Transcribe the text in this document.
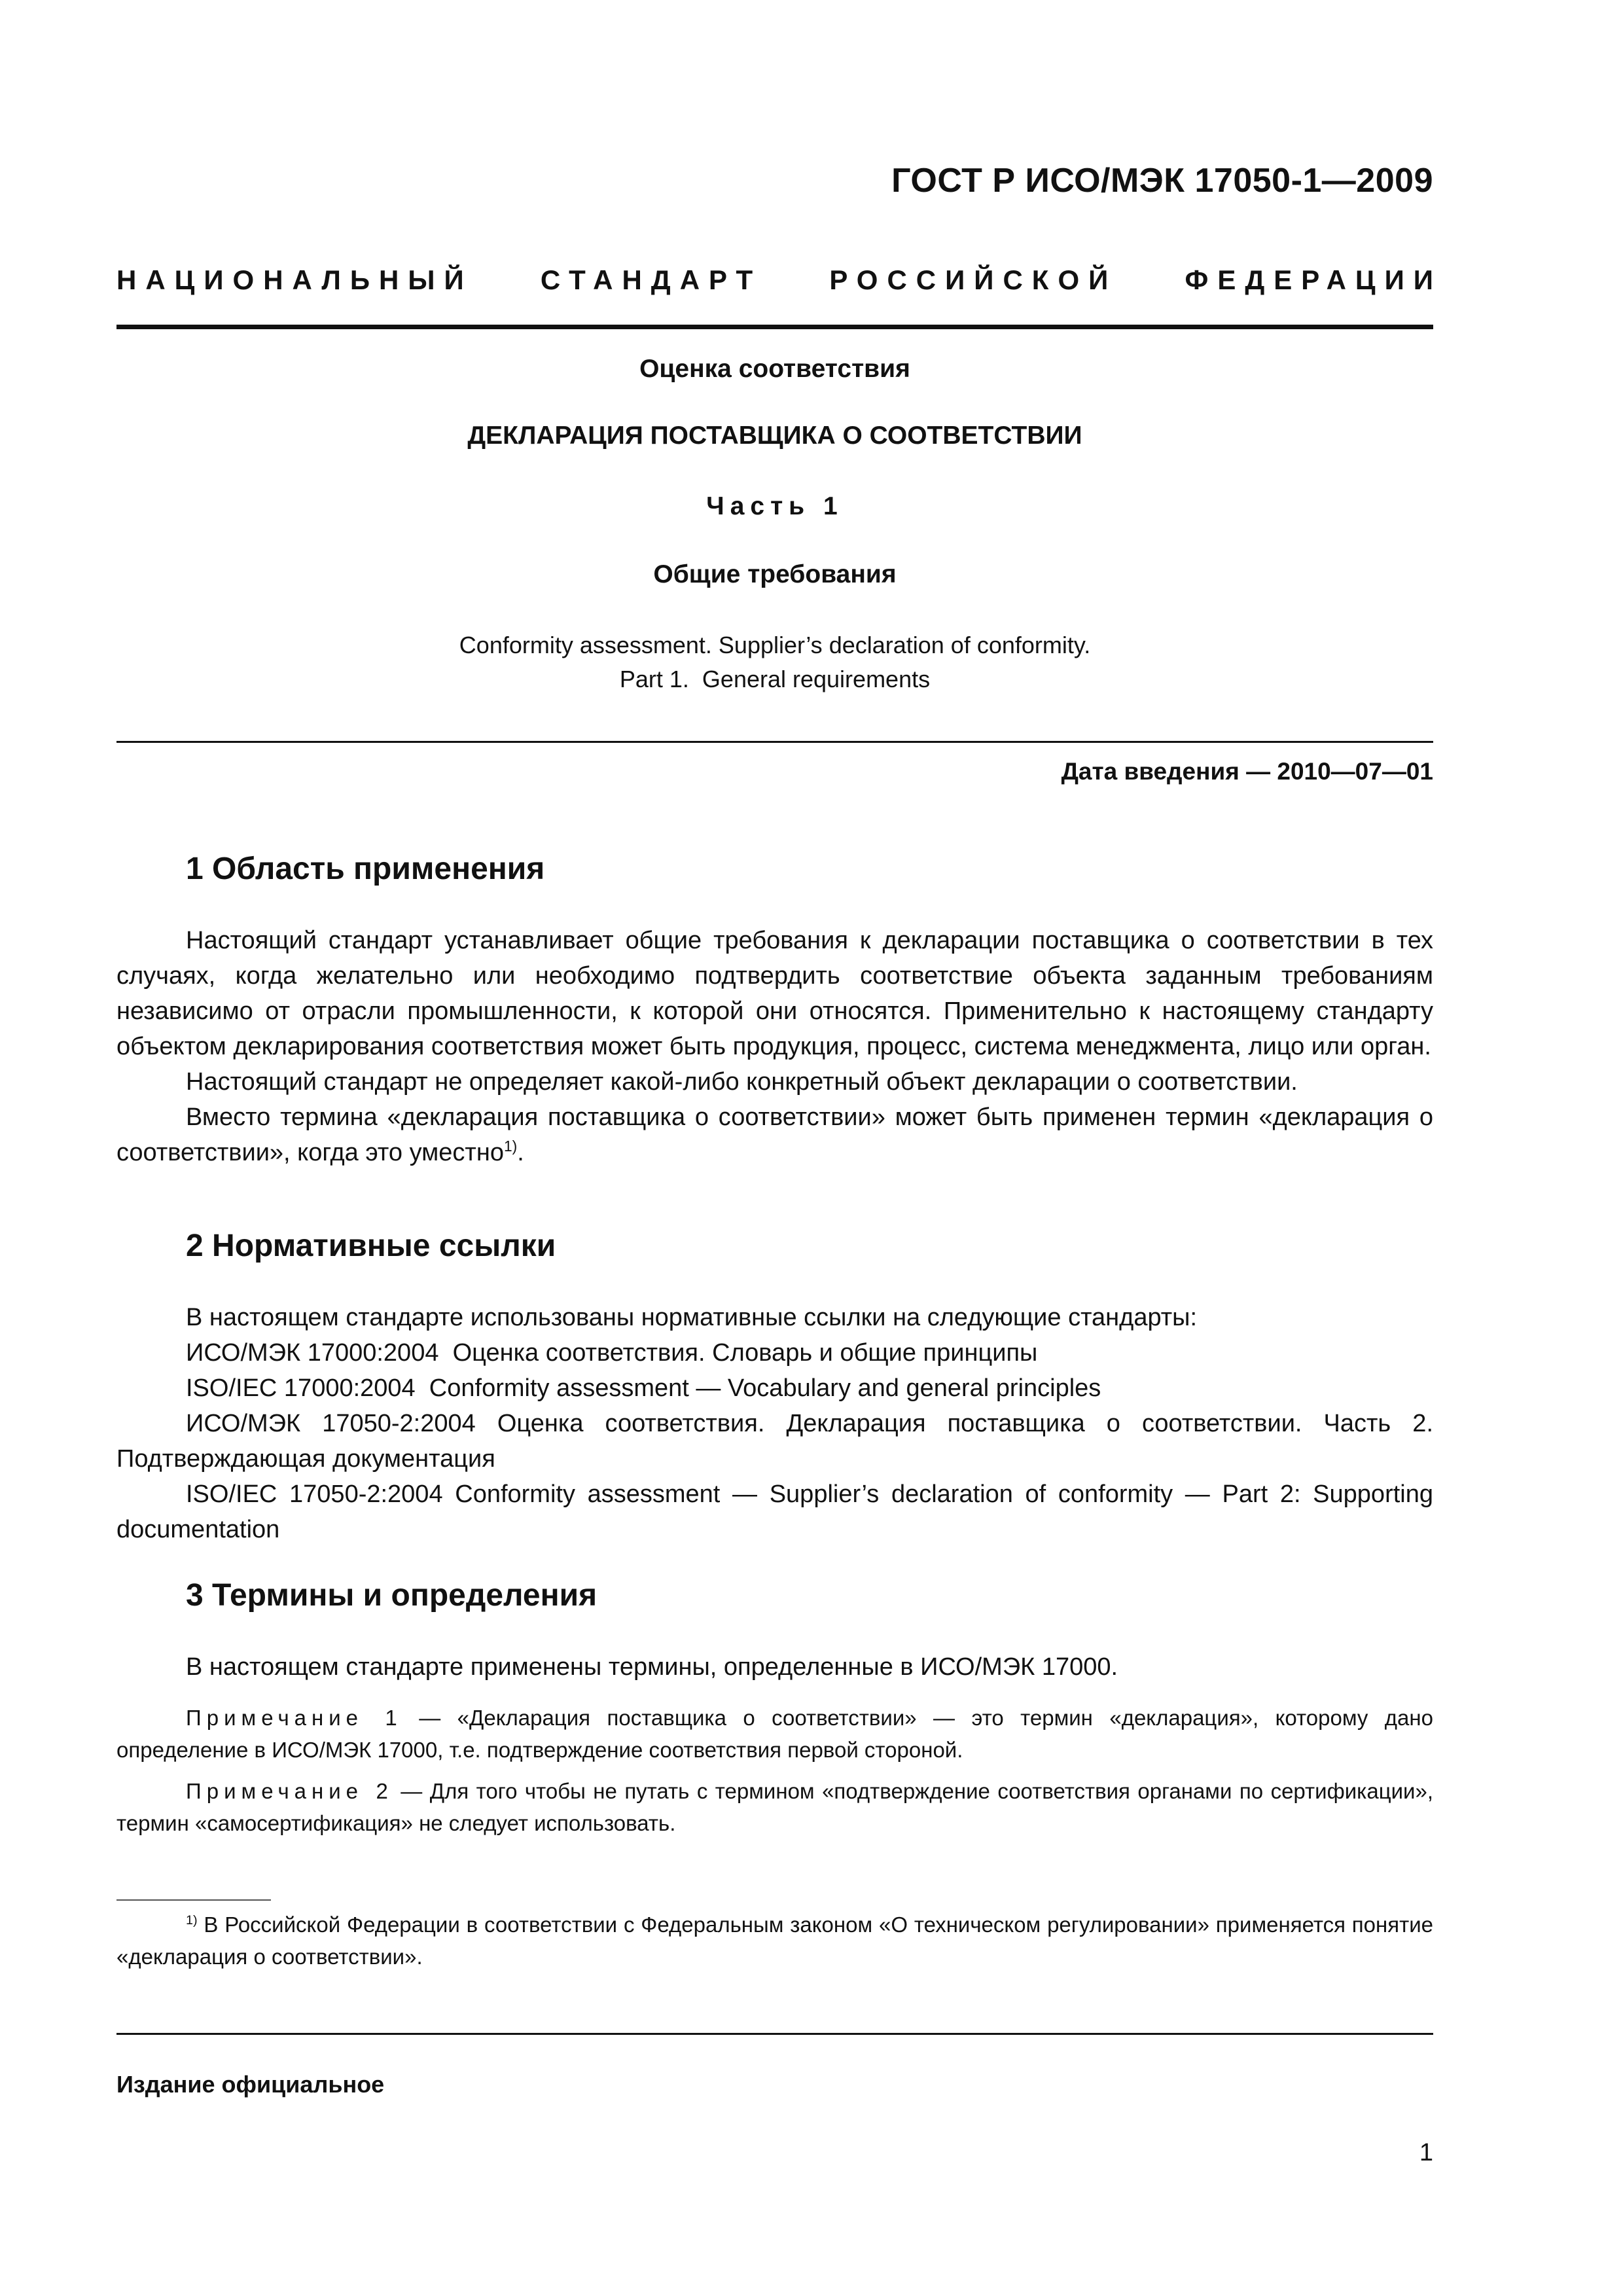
ГОСТ Р ИСО/МЭК 17050-1—2009
НАЦИОНАЛЬНЫЙ СТАНДАРТ РОССИЙСКОЙ ФЕДЕРАЦИИ
Оценка соответствия
ДЕКЛАРАЦИЯ ПОСТАВЩИКА О СООТВЕТСТВИИ
Часть 1
Общие требования
Conformity assessment. Supplier’s declaration of conformity.
Part 1.  General requirements
Дата введения — 2010—07—01
1 Область применения

Настоящий стандарт устанавливает общие требования к декларации поставщика о соответствии в тех случаях, когда желательно или необходимо подтвердить соответствие объекта заданным требованиям независимо от отрасли промышленности, к которой они относятся. Применительно к настоящему стандарту объектом декларирования соответствия может быть продукция, процесс, система менеджмента, лицо или орган.

Настоящий стандарт не определяет какой-либо конкретный объект декларации о соответствии.

Вместо термина «декларация поставщика о соответствии» может быть применен термин «декларация о соответствии», когда это уместно$^{1)}$.

2 Нормативные ссылки

В настоящем стандарте использованы нормативные ссылки на следующие стандарты:

ИСО/МЭК 17000:2004  Оценка соответствия. Словарь и общие принципы

ISO/IEC 17000:2004  Conformity assessment — Vocabulary and general principles

ИСО/МЭК 17050-2:2004 Оценка соответствия. Декларация поставщика о соответствии. Часть 2. Подтверждающая документация

ISO/IEC 17050-2:2004 Conformity assessment — Supplier’s declaration of conformity — Part 2: Supporting documentation

3 Термины и определения

В настоящем стандарте применены термины, определенные в ИСО/МЭК 17000.

Примечание 1 — «Декларация поставщика о соответствии» — это термин «декларация», которому дано определение в ИСО/МЭК 17000, т.е. подтверждение соответствия первой стороной.

Примечание 2 — Для того чтобы не путать с термином «подтверждение соответствия органами по сертификации», термин «самосертификация» не следует использовать.

$^{1)}$ В Российской Федерации в соответствии с Федеральным законом «О техническом регулировании» применяется понятие «декларация о соответствии».

Издание официальное
1
